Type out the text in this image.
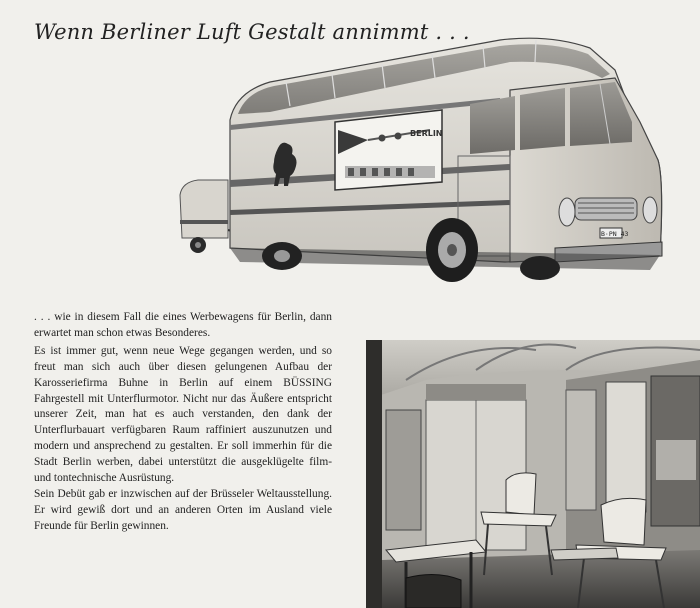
Wenn Berliner Luft Gestalt annimmt . . .
BERLIN
B·PN 43

. . . wie in diesem Fall die eines Werbewagens für Berlin, dann erwartet man schon etwas Besonderes.

Es ist immer gut, wenn neue Wege gegangen werden, und so freut man sich auch über diesen gelungenen Aufbau der Karosseriefirma Buhne in Berlin auf einem BÜSSING Fahrgestell mit Unterflurmotor. Nicht nur das Äußere entspricht unserer Zeit, man hat es auch verstanden, den dank der Unterflurbauart verfügbaren Raum raffiniert auszunutzen und modern und ansprechend zu gestalten. Er soll immerhin für die Stadt Berlin werben, dabei unterstützt die ausgeklügelte film- und tontechnische Ausrüstung.

Sein Debüt gab er inzwischen auf der Brüsseler Weltausstellung. Er wird gewiß dort und an anderen Orten im Ausland viele Freunde für Berlin gewinnen.
